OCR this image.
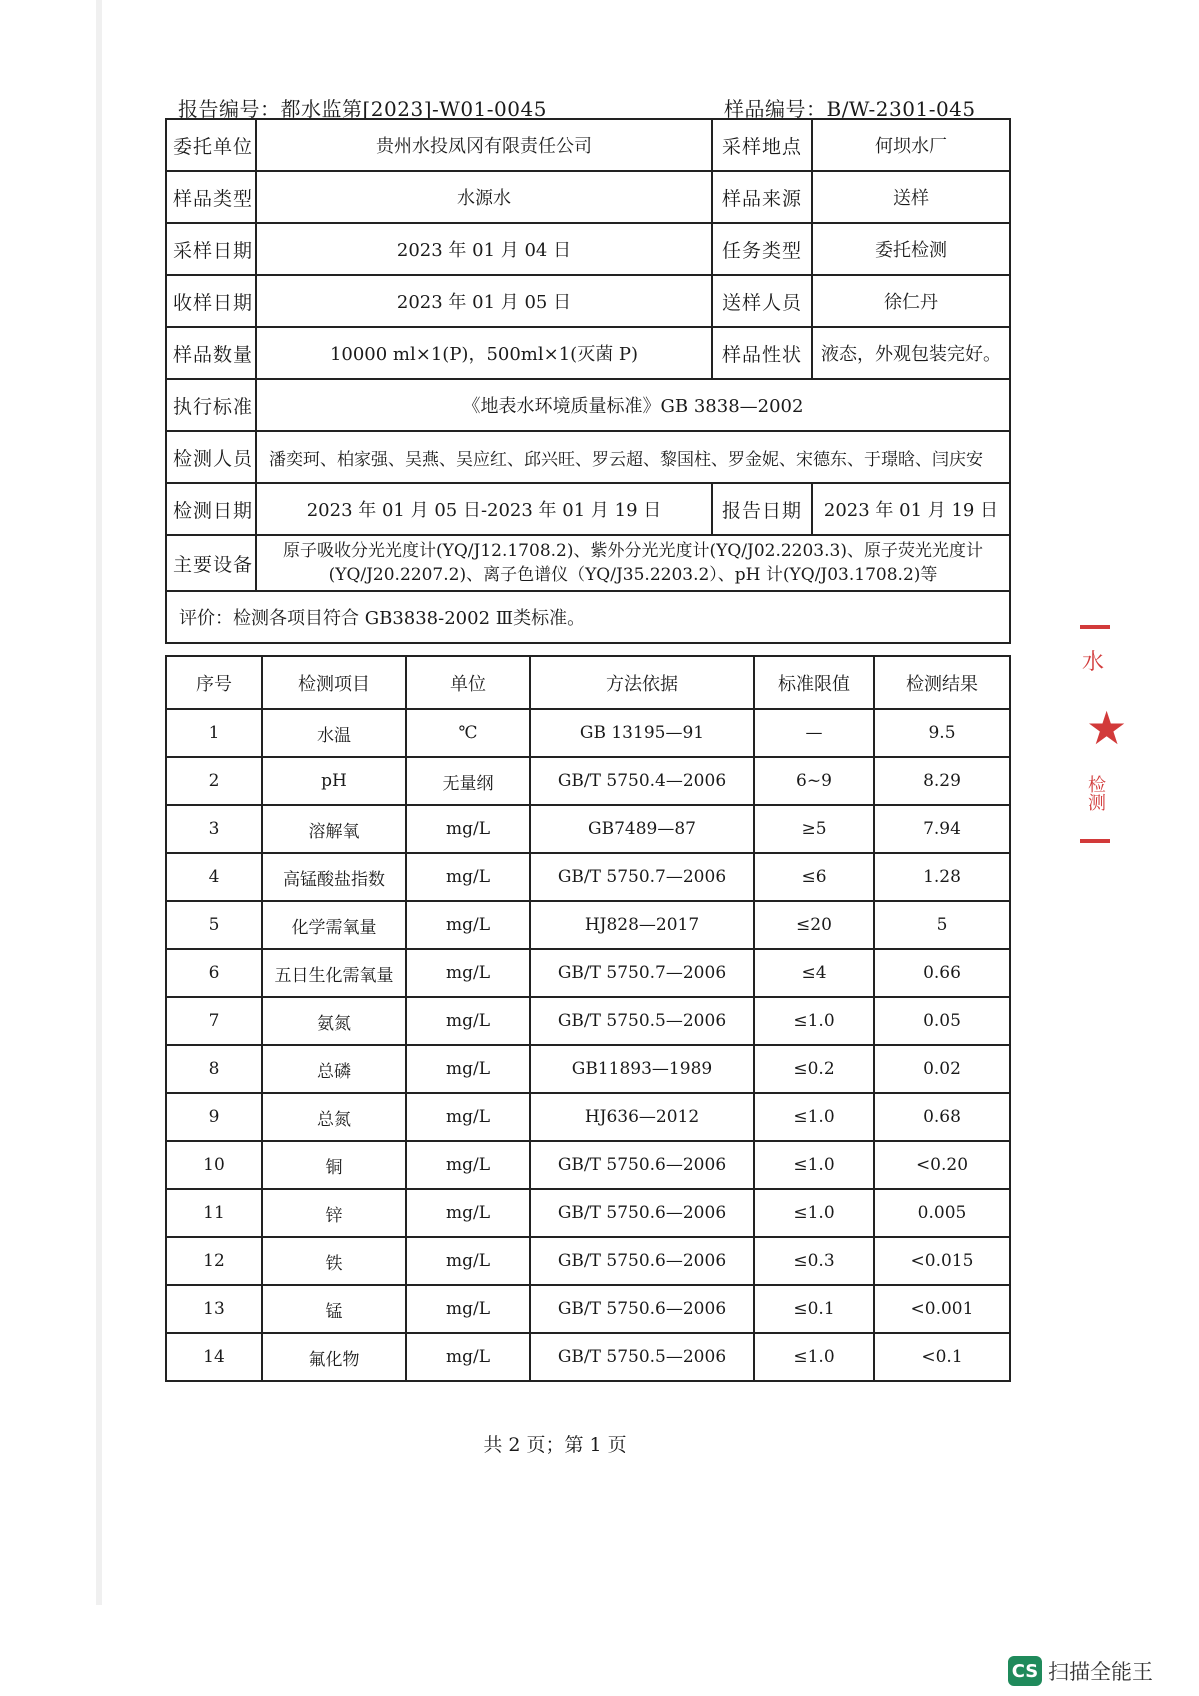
报告编号：都水监第[2023]-W01-0045	样品编号：B/W-2301-045
委托单位	贵州水投凤冈有限责任公司	采样地点	何坝水厂
样品类型	水源水	样品来源	送样
采样日期	2023 年 01 月 04 日	任务类型	委托检测
收样日期	2023 年 01 月 05 日	送样人员	徐仁丹
样品数量	10000 ml×1(P)，500ml×1(灭菌 P)	样品性状	液态，外观包装完好。
执行标准	《地表水环境质量标准》GB 3838—2002		
检测人员	潘奕珂、柏家强、吴燕、吴应红、邱兴旺、罗云超、黎国柱、罗金妮、宋德东、于璟晗、闫庆安		
检测日期	2023 年 01 月 05 日-2023 年 01 月 19 日	报告日期	2023 年 01 月 19 日
主要设备	原子吸收分光光度计(YQ/J12.1708.2)、紫外分光光度计(YQ/J02.2203.3)、原子荧光光度计(YQ/J20.2207.2)、离子色谱仪（YQ/J35.2203.2）、pH 计(YQ/J03.1708.2)等		
评价：检测各项目符合 GB3838-2002 Ⅲ类标准。			
序号	检测项目	单位	方法依据	标准限值	检测结果
1	水温	℃	GB 13195—91	—	9.5
2	pH	无量纲	GB/T 5750.4—2006	6~9	8.29
3	溶解氧	mg/L	GB7489—87	≥5	7.94
4	高锰酸盐指数	mg/L	GB/T 5750.7—2006	≤6	1.28
5	化学需氧量	mg/L	HJ828—2017	≤20	5
6	五日生化需氧量	mg/L	GB/T 5750.7—2006	≤4	0.66
7	氨氮	mg/L	GB/T 5750.5—2006	≤1.0	0.05
8	总磷	mg/L	GB11893—1989	≤0.2	0.02
9	总氮	mg/L	HJ636—2012	≤1.0	0.68
10	铜	mg/L	GB/T 5750.6—2006	≤1.0	<0.20
11	锌	mg/L	GB/T 5750.6—2006	≤1.0	0.005
12	铁	mg/L	GB/T 5750.6—2006	≤0.3	<0.015
13	锰	mg/L	GB/T 5750.6—2006	≤0.1	<0.001
14	氟化物	mg/L	GB/T 5750.5—2006	≤1.0	<0.1
共 2 页；第 1 页
水
★
检测
CS 扫描全能王
